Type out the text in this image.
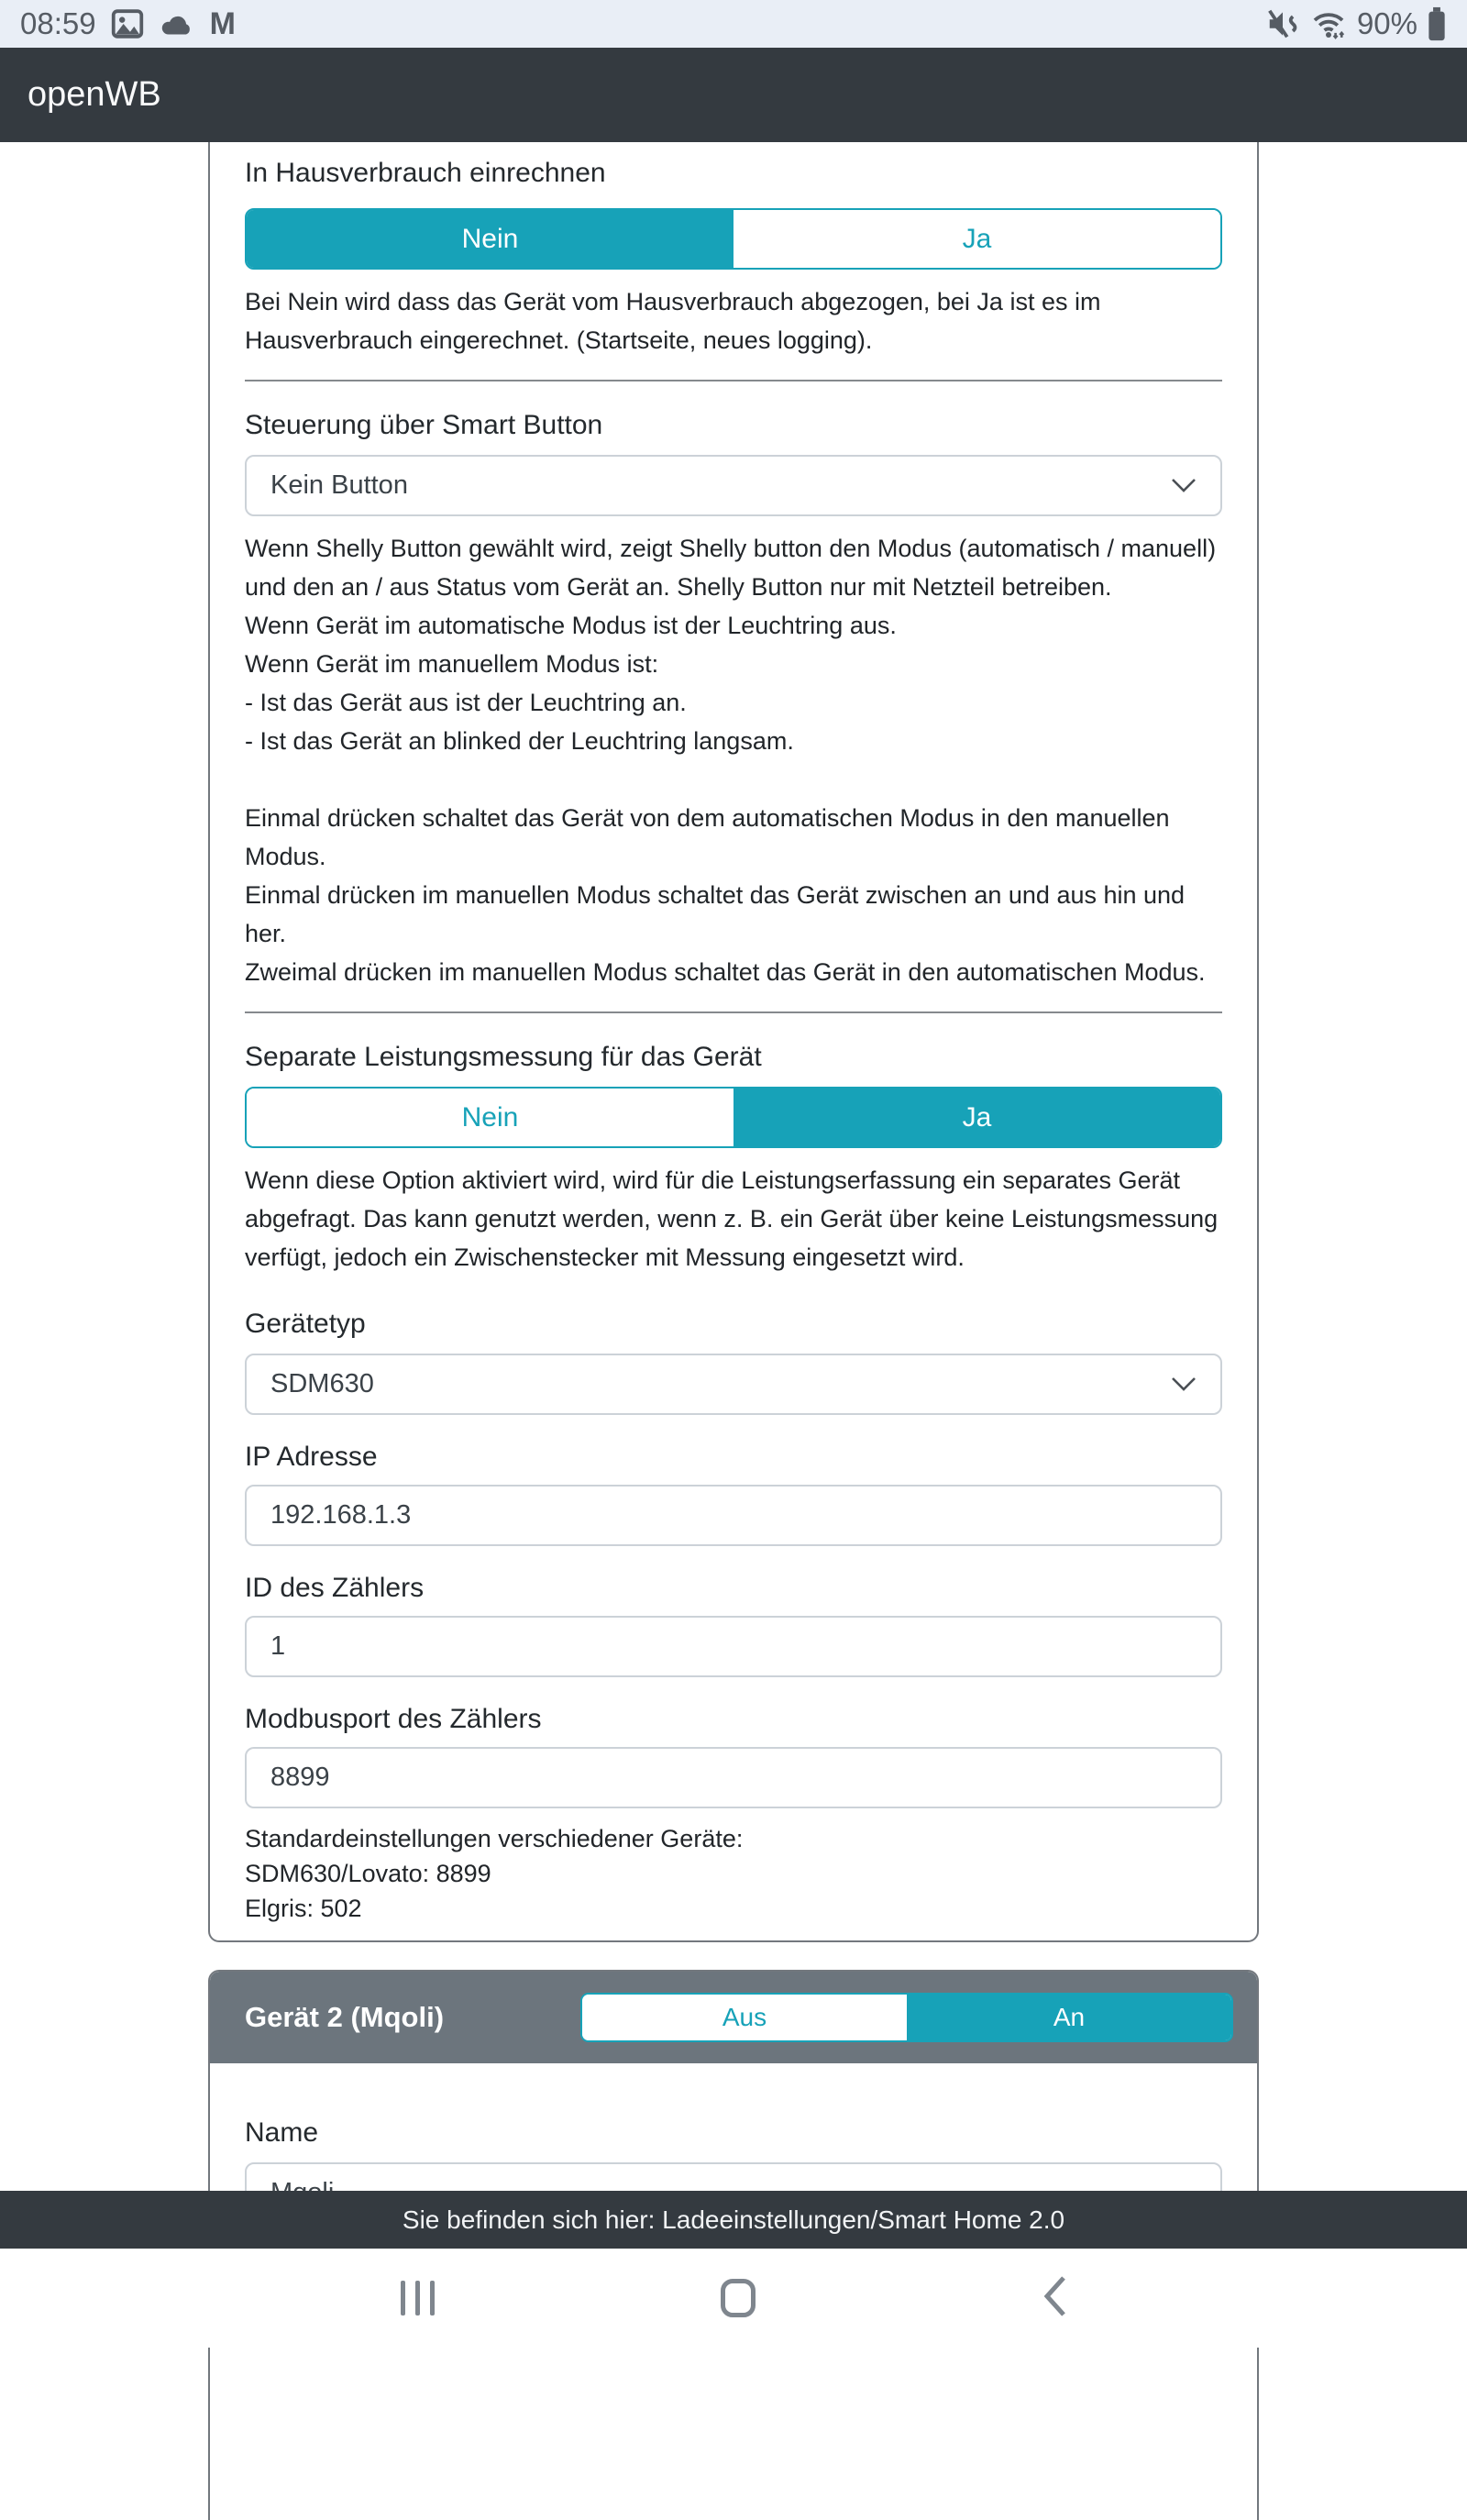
08:59	M	90%
openWB
In Hausverbrauch einrechnen
Nein	Ja
Bei Nein wird dass das Gerät vom Hausverbrauch abgezogen, bei Ja ist es im Hausverbrauch eingerechnet. (Startseite, neues logging).
Steuerung über Smart Button
Kein Button
Wenn Shelly Button gewählt wird, zeigt Shelly button den Modus (automatisch / manuell) und den an / aus Status vom Gerät an. Shelly Button nur mit Netzteil betreiben.
Wenn Gerät im automatische Modus ist der Leuchtring aus.
Wenn Gerät im manuellem Modus ist:
- Ist das Gerät aus ist der Leuchtring an.
- Ist das Gerät an blinked der Leuchtring langsam.
Einmal drücken schaltet das Gerät von dem automatischen Modus in den manuellen Modus.
Einmal drücken im manuellen Modus schaltet das Gerät zwischen an und aus hin und her.
Zweimal drücken im manuellen Modus schaltet das Gerät in den automatischen Modus.
Separate Leistungsmessung für das Gerät
Nein	Ja
Wenn diese Option aktiviert wird, wird für die Leistungserfassung ein separates Gerät abgefragt. Das kann genutzt werden, wenn z. B. ein Gerät über keine Leistungsmessung verfügt, jedoch ein Zwischenstecker mit Messung eingesetzt wird.
Gerätetyp
SDM630
IP Adresse
192.168.1.3
ID des Zählers
1
Modbusport des Zählers
8899
Standardeinstellungen verschiedener Geräte:
SDM630/Lovato: 8899
Elgris: 502
Gerät 2 (Mqoli)	Aus	An
Name
Mqoli
Sie befinden sich hier: Ladeeinstellungen/Smart Home 2.0
